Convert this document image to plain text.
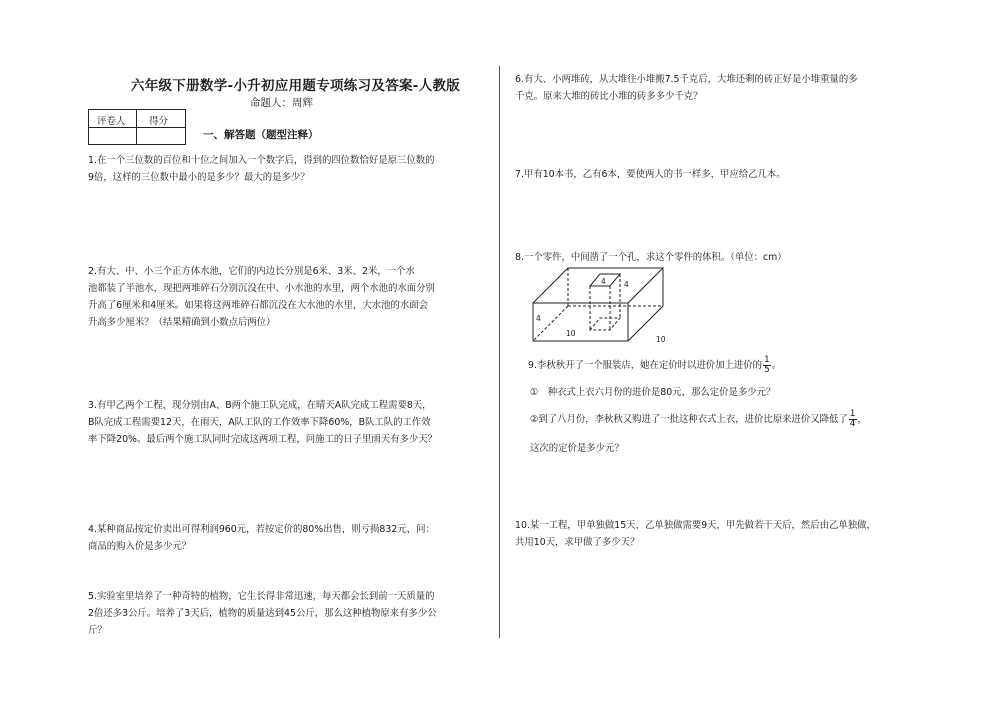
六年级下册数学-小升初应用题专项练习及答案-人教版
命题人：周辉
评卷人 得分
一、解答题（题型注释）
1.在一个三位数的百位和十位之间加入一个数字后，得到的四位数恰好是原三位数的
9倍，这样的三位数中最小的是多少？最大的是多少？
2.有大、中、小三个正方体水池，它们的内边长分别是6米、3米、2米，一个水
池都装了半池水，现把两堆碎石分别沉没在中、小水池的水里，两个水池的水面分别
升高了6厘米和4厘米。如果将这两堆碎石都沉没在大水池的水里，大水池的水面会
升高多少厘米？（结果精确到小数点后两位）
3.有甲乙两个工程，现分别由A、B两个施工队完成，在晴天A队完成工程需要8天，
B队完成工程需要12天，在雨天，A队工队的工作效率下降60%，B队工队的工作效
率下降20%。最后两个施工队同时完成这两项工程，问施工的日子里雨天有多少天？
4.某种商品按定价卖出可得利润960元，若按定价的80%出售，则亏损832元，问：
商品的购入价是多少元？
5.实验室里培养了一种奇特的植物，它生长得非常迅速，每天都会长到前一天质量的
2倍还多3公斤。培养了3天后，植物的质量达到45公斤，那么这种植物原来有多少公
斤？
6.有大、小两堆砖，从大堆往小堆搬7.5千克后，大堆还剩的砖正好是小堆重量的多
千克。原来大堆的砖比小堆的砖多多少千克？
7.甲有10本书，乙有6本，要使两人的书一样多，甲应给乙几本。
8.一个零件，中间凿了一个孔，求这个零件的体积。（单位：cm）
4
4 4
10
10
9.李秋秋开了一个服装店，她在定价时以进价加上进价的 $\frac{1}{5}$ 。
①　种衣式上衣六月份的进价是80元，那么定价是多少元？
②到了八月份，李秋秋又购进了一批这种衣式上衣，进价比原来进价又降低了 $\frac{1}{4}$ ，
这次的定价是多少元？
10.某一工程，甲单独做15天，乙单独做需要9天，甲先做若干天后，然后由乙单独做，
共用10天，求甲做了多少天？
